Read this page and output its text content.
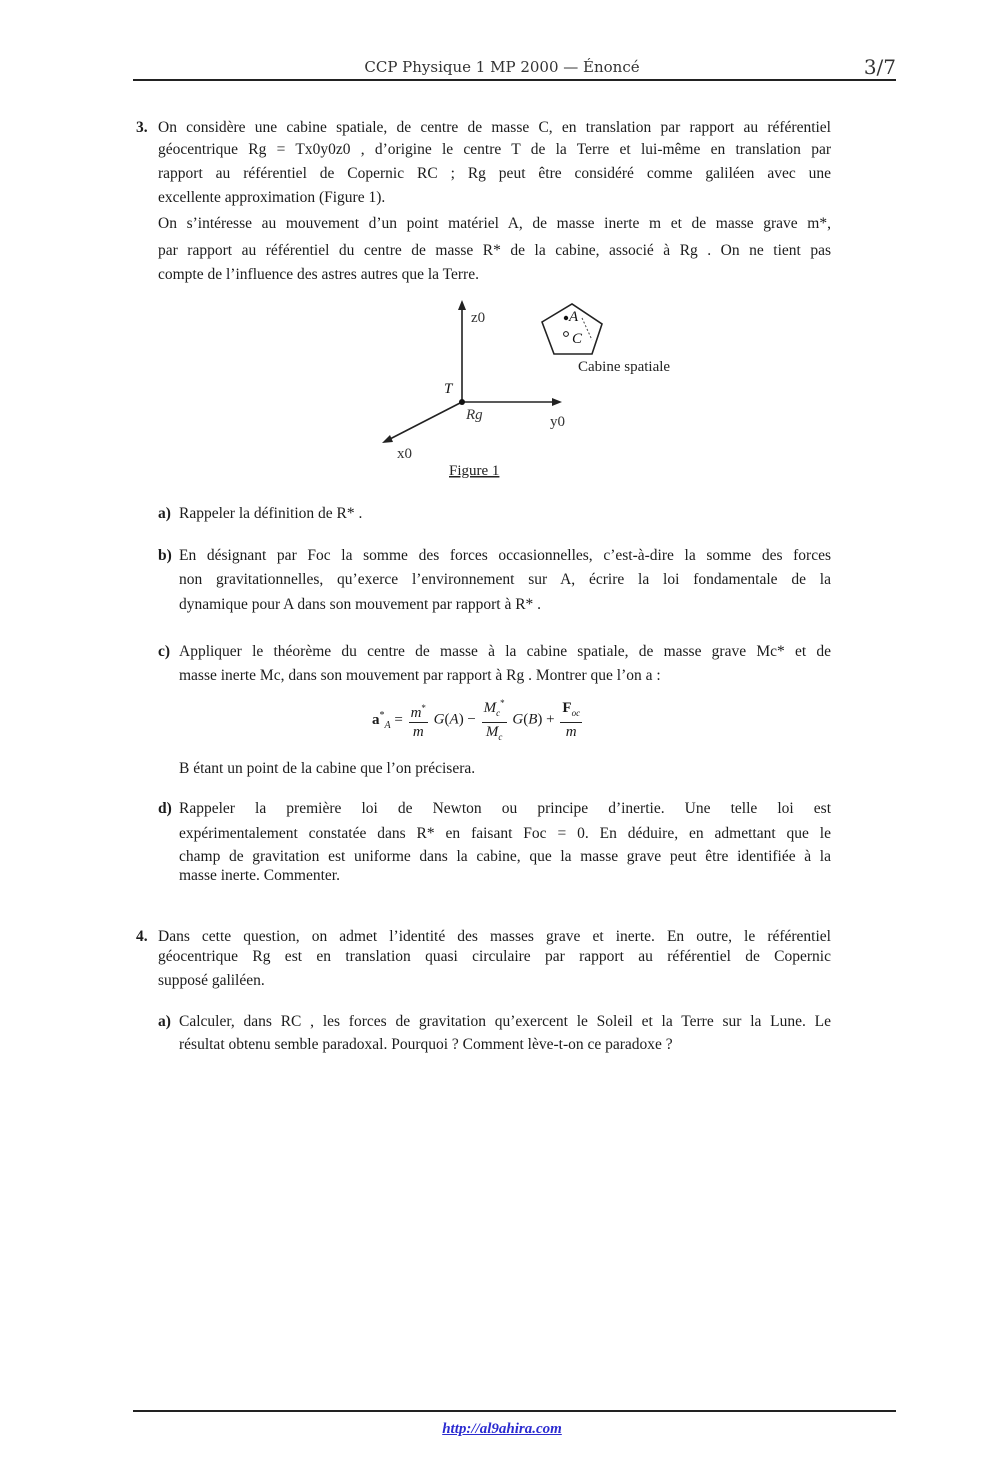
CCP Physique 1 MP 2000 — Énoncé	3/7
3. On considère une cabine spatiale, de centre de masse C, en translation par rapport au référentiel
géocentrique Rg = Tx0y0z0 , d’origine le centre T de la Terre et lui-même en translation par
rapport au référentiel de Copernic RC ; Rg peut être considéré comme galiléen avec une
excellente approximation (Figure 1).
On s’intéresse au mouvement d’un point matériel A, de masse inerte m et de masse grave m*,
par rapport au référentiel du centre de masse R* de la cabine, associé à Rg . On ne tient pas
compte de l’influence des astres autres que la Terre.
z0
y0
x0
T
Rg
A
C
Cabine spatiale
Figure 1
a) Rappeler la définition de R* .
b) En désignant par Foc la somme des forces occasionnelles, c’est-à-dire la somme des forces
non gravitationnelles, qu’exerce l’environnement sur A, écrire la loi fondamentale de la
dynamique pour A dans son mouvement par rapport à R* .
c) Appliquer le théorème du centre de masse à la cabine spatiale, de masse grave Mc* et de
masse inerte Mc, dans son mouvement par rapport à Rg . Montrer que l’on a :
$a^*_A = \frac{m^*}{m} G(A) - \frac{M_c^*}{M_c} G(B) + \frac{F_{oc}}{m}$
B étant un point de la cabine que l’on précisera.
d) Rappeler la première loi de Newton ou principe d’inertie. Une telle loi est
expérimentalement constatée dans R* en faisant Foc = 0. En déduire, en admettant que le
champ de gravitation est uniforme dans la cabine, que la masse grave peut être identifiée à la
masse inerte. Commenter.
4. Dans cette question, on admet l’identité des masses grave et inerte. En outre, le référentiel
géocentrique Rg est en translation quasi circulaire par rapport au référentiel de Copernic
supposé galiléen.
a) Calculer, dans RC , les forces de gravitation qu’exercent le Soleil et la Terre sur la Lune. Le
résultat obtenu semble paradoxal. Pourquoi ? Comment lève-t-on ce paradoxe ?
http://al9ahira.com
